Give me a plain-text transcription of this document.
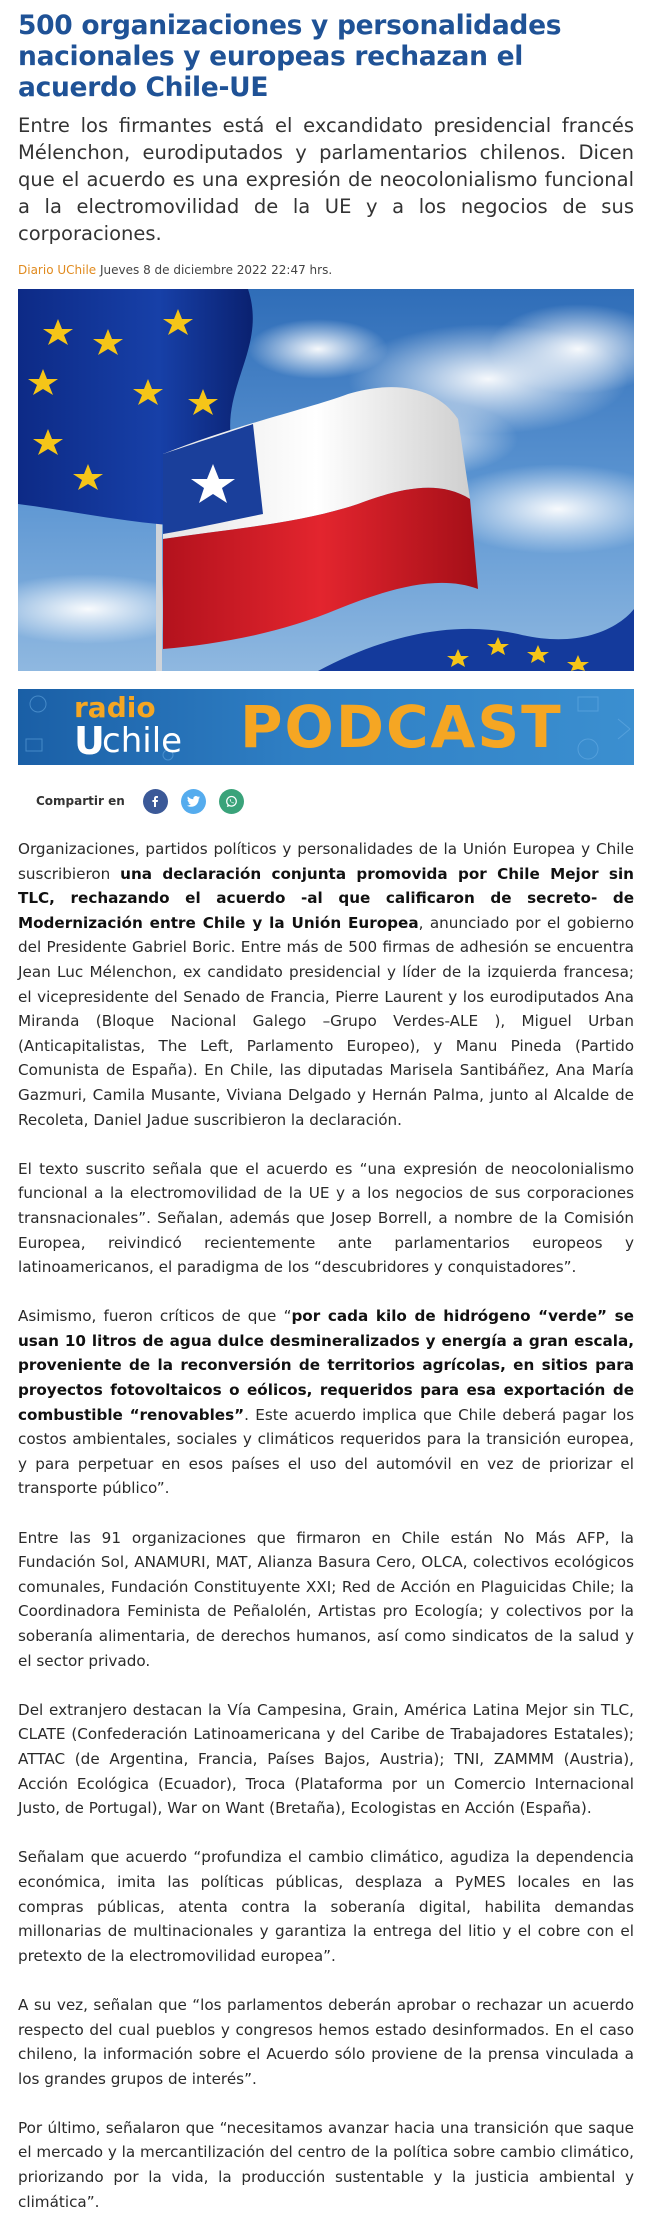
500 organizaciones y personalidades nacionales y europeas rechazan el acuerdo Chile-UE

Entre los firmantes está el excandidato presidencial francés Mélenchon, eurodiputados y parlamentarios chilenos. Dicen que el acuerdo es una expresión de neocolonialismo funcional a la electromovilidad de la UE y a los negocios de sus corporaciones.

Diario UChile Jueves 8 de diciembre 2022 22:47 hrs.
radio
U
chile PODCAST
Compartir en

Organizaciones, partidos políticos y personalidades de la Unión Europea y Chile suscribieron una declaración conjunta promovida por Chile Mejor sin TLC, rechazando el acuerdo -al que calificaron de secreto- de Modernización entre Chile y la Unión Europea, anunciado por el gobierno del Presidente Gabriel Boric. Entre más de 500 firmas de adhesión se encuentra Jean Luc Mélenchon, ex candidato presidencial y líder de la izquierda francesa; el vicepresidente del Senado de Francia, Pierre Laurent y los eurodiputados Ana Miranda (Bloque Nacional Galego –Grupo Verdes-ALE ), Miguel Urban (Anticapitalistas, The Left, Parlamento Europeo), y Manu Pineda (Partido Comunista de España). En Chile, las diputadas Marisela Santibáñez, Ana María Gazmuri, Camila Musante, Viviana Delgado y Hernán Palma, junto al Alcalde de Recoleta, Daniel Jadue suscribieron la declaración.

El texto suscrito señala que el acuerdo es “una expresión de neocolonialismo funcional a la electromovilidad de la UE y a los negocios de sus corporaciones transnacionales”. Señalan, además que Josep Borrell, a nombre de la Comisión Europea, reivindicó recientemente ante parlamentarios europeos y latinoamericanos, el paradigma de los “descubridores y conquistadores”.

Asimismo, fueron críticos de que “por cada kilo de hidrógeno “verde” se usan 10 litros de agua dulce desmineralizados y energía a gran escala, proveniente de la reconversión de territorios agrícolas, en sitios para proyectos fotovoltaicos o eólicos, requeridos para esa exportación de combustible “renovables”. Este acuerdo implica que Chile deberá pagar los costos ambientales, sociales y climáticos requeridos para la transición europea, y para perpetuar en esos países el uso del automóvil en vez de priorizar el transporte público”.

Entre las 91 organizaciones que firmaron en Chile están No Más AFP, la Fundación Sol, ANAMURI, MAT, Alianza Basura Cero, OLCA, colectivos ecológicos comunales, Fundación Constituyente XXI; Red de Acción en Plaguicidas Chile; la Coordinadora Feminista de Peñalolén, Artistas pro Ecología; y colectivos por la soberanía alimentaria, de derechos humanos, así como sindicatos de la salud y el sector privado.

Del extranjero destacan la Vía Campesina, Grain, América Latina Mejor sin TLC, CLATE (Confederación Latinoamericana y del Caribe de Trabajadores Estatales); ATTAC (de Argentina, Francia, Países Bajos, Austria); TNI, ZAMMM (Austria), Acción Ecológica (Ecuador), Troca (Plataforma por un Comercio Internacional Justo, de Portugal), War on Want (Bretaña), Ecologistas en Acción (España).

Señalam que acuerdo “profundiza el cambio climático, agudiza la dependencia económica, imita las políticas públicas, desplaza a PyMES locales en las compras públicas, atenta contra la soberanía digital, habilita demandas millonarias de multinacionales y garantiza la entrega del litio y el cobre con el pretexto de la electromovilidad europea”.

A su vez, señalan que “los parlamentos deberán aprobar o rechazar un acuerdo respecto del cual pueblos y congresos hemos estado desinformados. En el caso chileno, la información sobre el Acuerdo sólo proviene de la prensa vinculada a los grandes grupos de interés”.

Por último, señalaron que “necesitamos avanzar hacia una transición que saque el mercado y la mercantilización del centro de la política sobre cambio climático, priorizando por la vida, la producción sustentable y la justicia ambiental y climática”.
